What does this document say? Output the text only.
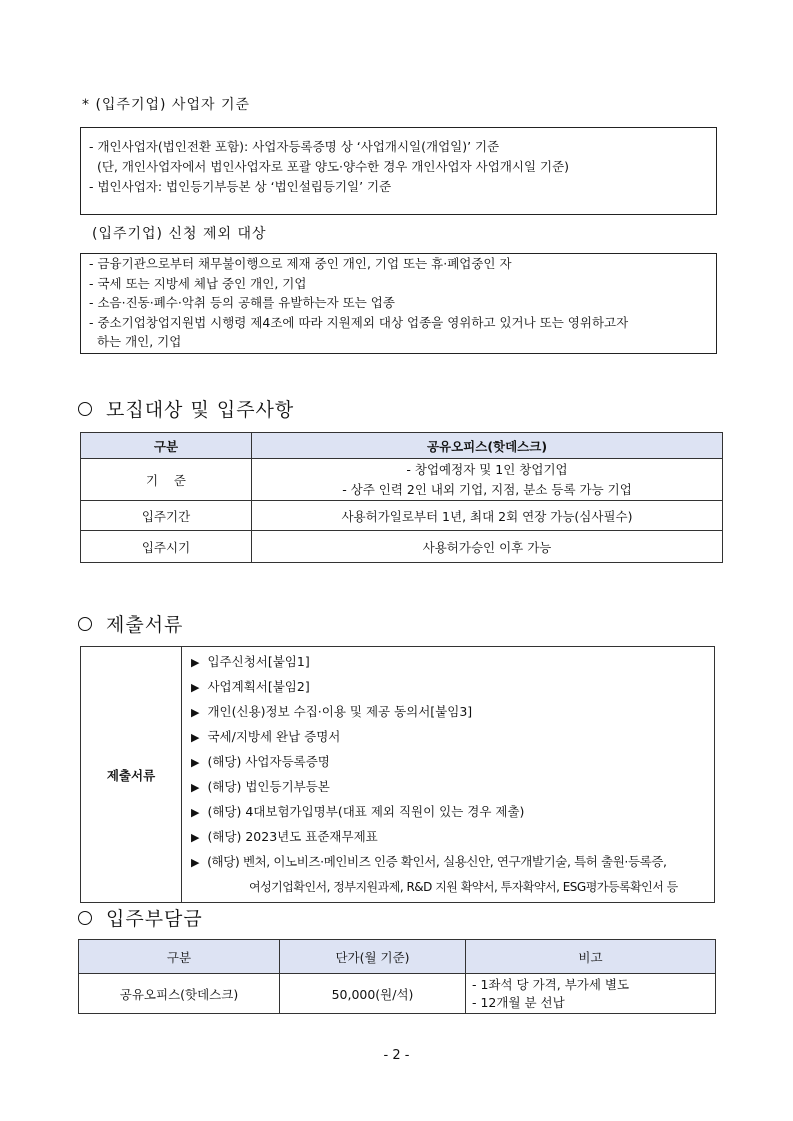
* (입주기업) 사업자 기준
- 개인사업자(법인전환 포함): 사업자등록증명 상 ‘사업개시일(개업일)’ 기준
(단, 개인사업자에서 법인사업자로 포괄 양도·양수한 경우 개인사업자 사업개시일 기준)
- 법인사업자: 법인등기부등본 상 ‘법인설립등기일’ 기준
(입주기업) 신청 제외 대상
- 금융기관으로부터 채무불이행으로 제재 중인 개인, 기업 또는 휴·폐업중인 자
- 국세 또는 지방세 체납 중인 개인, 기업
- 소음·진동·폐수·악취 등의 공해를 유발하는자 또는 업종
- 중소기업창업지원법 시행령 제4조에 따라 지원제외 대상 업종을 영위하고 있거나 또는 영위하고자
하는 개인, 기업
모집대상 및 입주사항
구분	공유오피스(핫데스크)
기    준	- 창업예정자 및 1인 창업기업
- 상주 인력 2인 내외 기업, 지점, 분소 등록 가능 기업

입주기간	사용허가일로부터 1년, 최대 2회 연장 가능(심사필수)
입주시기	사용허가승인 이후 가능
제출서류
제출서류	
▶ 입주신청서[붙임1]
▶ 사업계획서[붙임2]
▶ 개인(신용)정보 수집·이용 및 제공 동의서[붙임3]
▶ 국세/지방세 완납 증명서
▶ (해당) 사업자등록증명
▶ (해당) 법인등기부등본
▶ (해당) 4대보험가입명부(대표 제외 직원이 있는 경우 제출)
▶ (해당) 2023년도 표준재무제표
▶ (해당) 벤처, 이노비즈·메인비즈 인증 확인서, 실용신안, 연구개발기술, 특허 출원·등록증,
여성기업확인서, 정부지원과제, R&D 지원 확약서, 투자확약서, ESG평가등록확인서 등
입주부담금
구분	단가(월 기준)	비고
공유오피스(핫데스크)	50,000(원/석)	- 1좌석 당 가격, 부가세 별도
- 12개월 분 선납
- 2 -
